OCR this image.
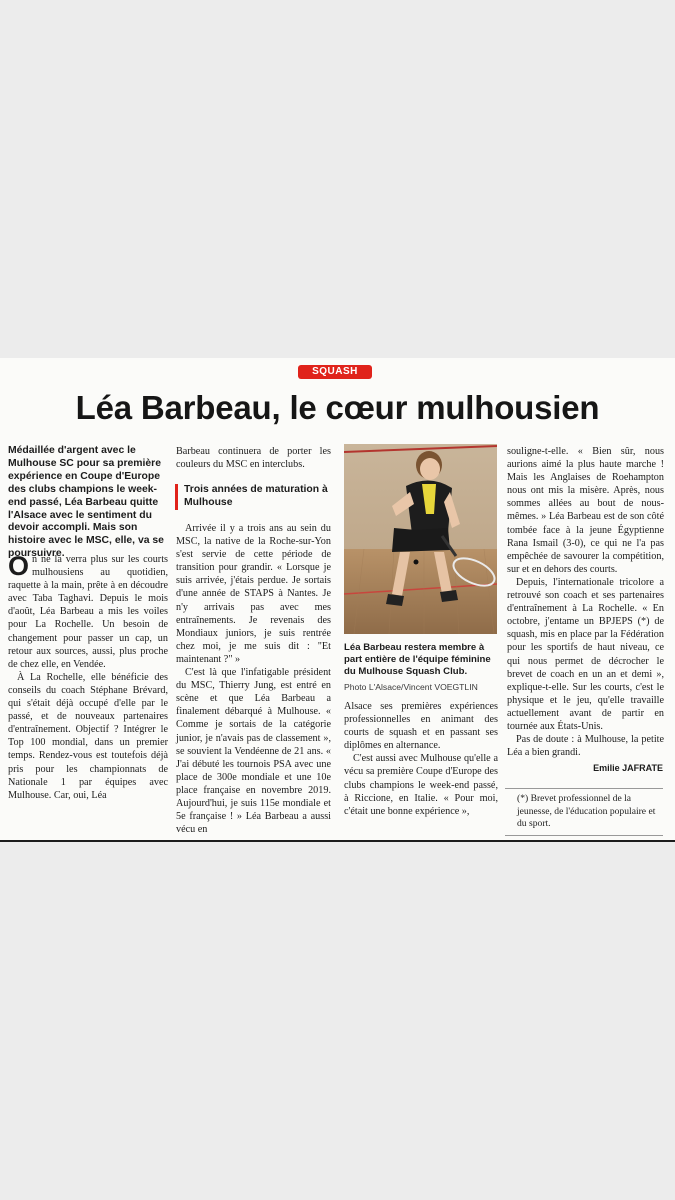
SQUASH
Léa Barbeau, le cœur mulhousien
Médaillée d'argent avec le Mulhouse SC pour sa première expérience en Coupe d'Europe des clubs champions le week-end passé, Léa Barbeau quitte l'Alsace avec le sentiment du devoir accompli. Mais son histoire avec le MSC, elle, va se poursuivre.

On ne la verra plus sur les courts mulhousiens au quotidien, raquette à la main, prête à en découdre avec Taba Taghavi. Depuis le mois d'août, Léa Barbeau a mis les voiles pour La Rochelle. Un besoin de changement pour passer un cap, un retour aux sources, aussi, plus proche de chez elle, en Vendée.

À La Rochelle, elle bénéficie des conseils du coach Stéphane Brévard, qui s'était déjà occupé d'elle par le passé, et de nouveaux partenaires d'entraînement. Objectif ? Intégrer le Top 100 mondial, dans un premier temps. Rendez-vous est toutefois déjà pris pour les championnats de Nationale 1 par équipes avec Mulhouse. Car, oui, Léa

Barbeau continuera de porter les couleurs du MSC en interclubs.

Trois années de maturation à Mulhouse

Arrivée il y a trois ans au sein du MSC, la native de la Roche-sur-Yon s'est servie de cette période de transition pour grandir. « Lorsque je suis arrivée, j'étais perdue. Je sortais d'une année de STAPS à Nantes. Je n'y arrivais pas avec mes entraînements. Je revenais des Mondiaux juniors, je suis rentrée chez moi, je me suis dit : "Et maintenant ?" »

C'est là que l'infatigable président du MSC, Thierry Jung, est entré en scène et que Léa Barbeau a finalement débarqué à Mulhouse. « Comme je sortais de la catégorie junior, je n'avais pas de classement », se souvient la Vendéenne de 21 ans. « J'ai débuté les tournois PSA avec une place de 300e mondiale et une 10e place française en novembre 2019. Aujourd'hui, je suis 115e mondiale et 5e française ! » Léa Barbeau a aussi vécu en

Léa Barbeau restera membre à part entière de l'équipe féminine du Mulhouse Squash Club.
Photo L'Alsace/Vincent VOEGTLIN

Alsace ses premières expériences professionnelles en animant des courts de squash et en passant ses diplômes en alternance.

C'est aussi avec Mulhouse qu'elle a vécu sa première Coupe d'Europe des clubs champions le week-end passé, à Riccione, en Italie. « Pour moi, c'était une bonne expérience »,

souligne-t-elle. « Bien sûr, nous aurions aimé la plus haute marche ! Mais les Anglaises de Roehampton nous ont mis la misère. Après, nous sommes allées au bout de nous-mêmes. » Léa Barbeau est de son côté tombée face à la jeune Égyptienne Rana Ismail (3-0), ce qui ne l'a pas empêchée de savourer la compétition, sur et en dehors des courts.

Depuis, l'internationale tricolore a retrouvé son coach et ses partenaires d'entraînement à La Rochelle. « En octobre, j'entame un BPJEPS (*) de squash, mis en place par la Fédération pour les sportifs de haut niveau, ce qui nous permet de décrocher le brevet de coach en un an et demi », explique-t-elle. Sur les courts, c'est le physique et le jeu, qu'elle travaille actuellement avant de partir en tournée aux États-Unis.

Pas de doute : à Mulhouse, la petite Léa a bien grandi.

Emilie JAFRATE
(*) Brevet professionnel de la jeunesse, de l'éducation populaire et du sport.
